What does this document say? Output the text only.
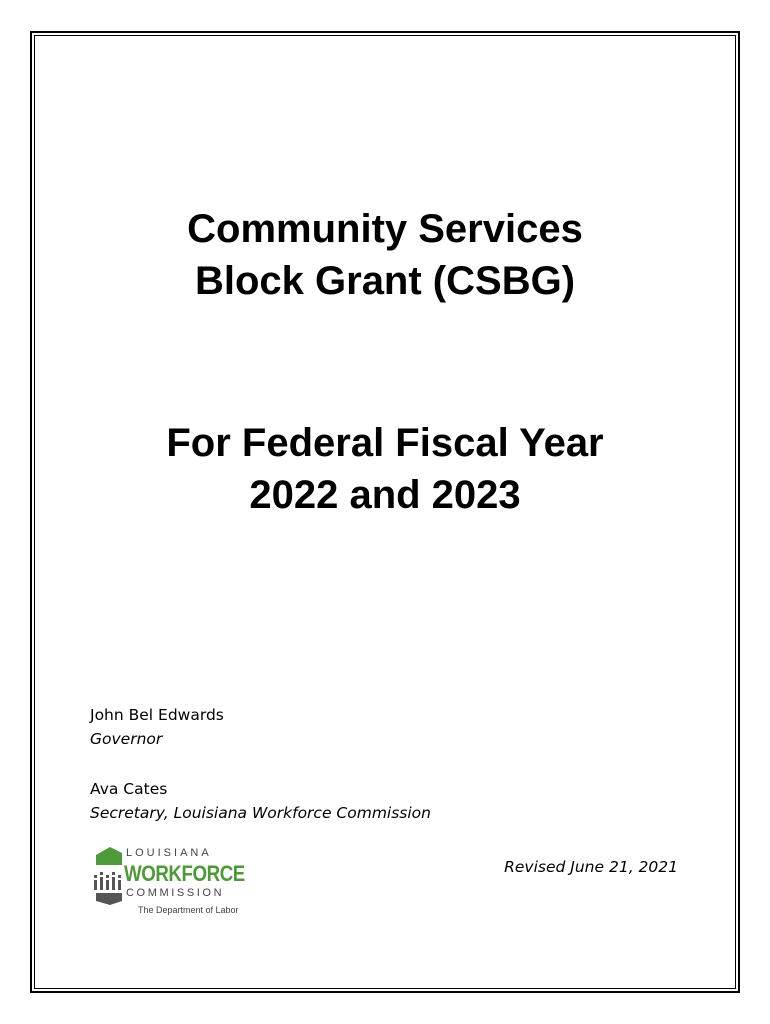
Community Services
Block Grant (CSBG)
For Federal Fiscal Year
2022 and 2023
John Bel Edwards
Governor
Ava Cates
Secretary, Louisiana Workforce Commission
Revised June 21, 2021
LOUISIANA
WORKFORCE
COMMISSION
The Department of Labor
